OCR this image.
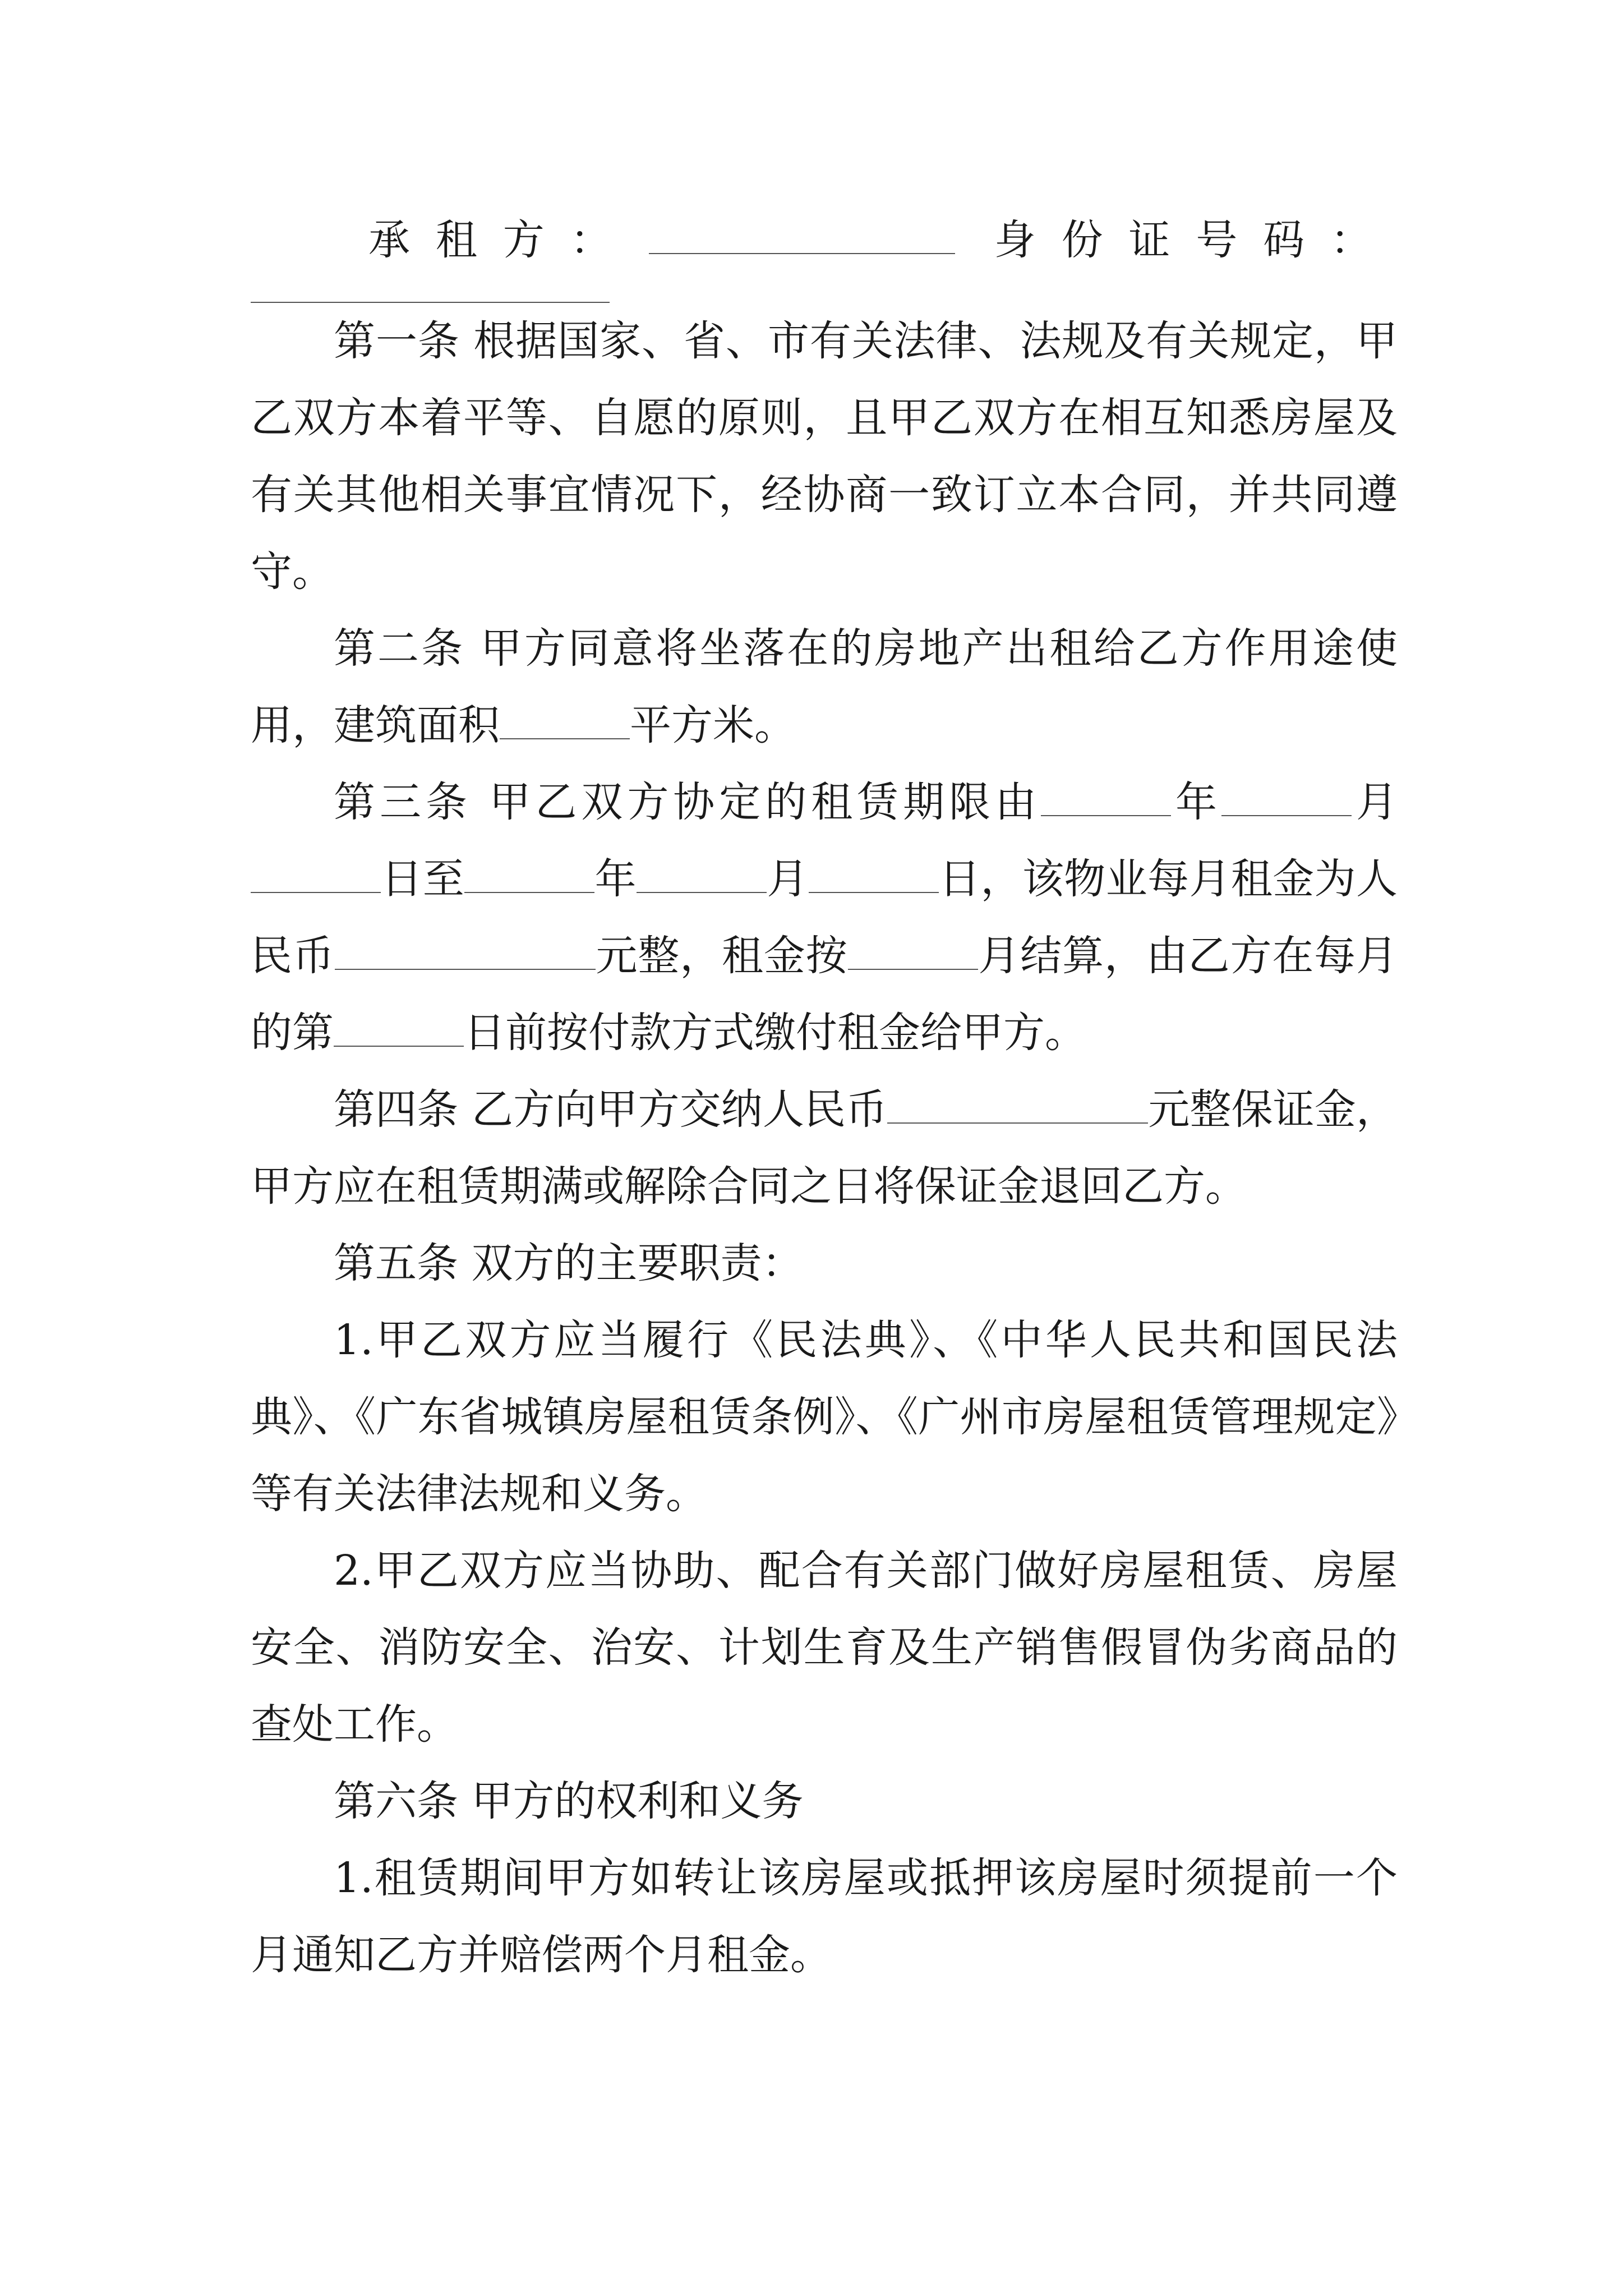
承租方：	身份证号码：

第一条 根据国家、省、市有关法律、法规及有关规定，甲乙双方本着平等、自愿的原则，且甲乙双方在相互知悉房屋及有关其他相关事宜情况下，经协商一致订立本合同，并共同遵守。

第二条 甲方同意将坐落在的房地产出租给乙方作用途使用，建筑面积	平方米。

第三条 甲乙双方协定的租赁期限由	年	月日至	年	月	日，该物业每月租金为人民币	元整，租金按	月结算，由乙方在每月的第	日前按付款方式缴付租金给甲方。

第四条 乙方向甲方交纳人民币	元整保证金，甲方应在租赁期满或解除合同之日将保证金退回乙方。

第五条 双方的主要职责：

1.甲乙双方应当履行《民法典》、《中华人民共和国民法典》、《广东省城镇房屋租赁条例》、《广州市房屋租赁管理规定》等有关法律法规和义务。

2.甲乙双方应当协助、配合有关部门做好房屋租赁、房屋安全、消防安全、治安、计划生育及生产销售假冒伪劣商品的查处工作。

第六条 甲方的权利和义务

1.租赁期间甲方如转让该房屋或抵押该房屋时须提前一个月通知乙方并赔偿两个月租金。
